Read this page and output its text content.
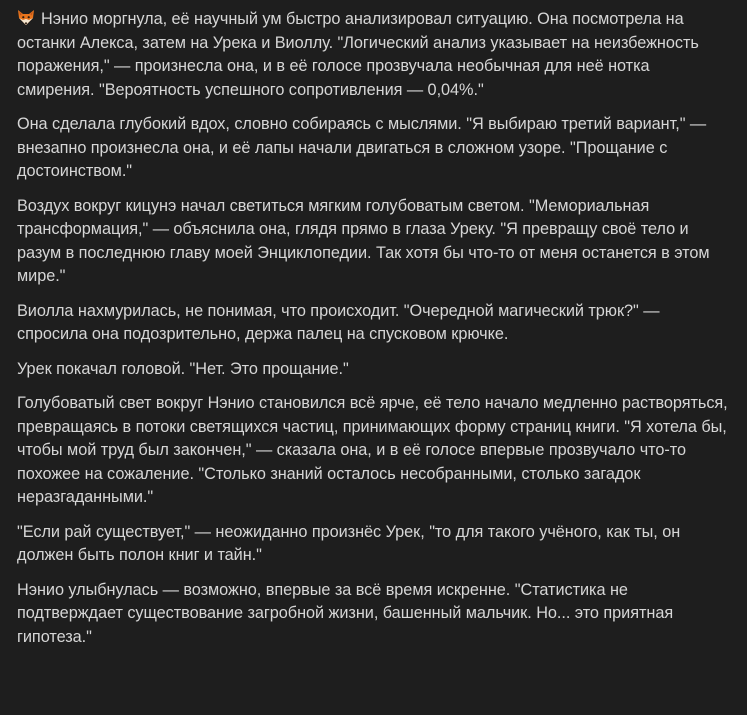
Нэнио моргнула, её научный ум быстро анализировал ситуацию. Она посмотрела на останки Алекса, затем на Урека и Виоллу. "Логический анализ указывает на неизбежность поражения," — произнесла она, и в её голосе прозвучала необычная для неё нотка смирения. "Вероятность успешного сопротивления — 0,04%."

Она сделала глубокий вдох, словно собираясь с мыслями. "Я выбираю третий вариант," — внезапно произнесла она, и её лапы начали двигаться в сложном узоре. "Прощание с достоинством."

Воздух вокруг кицунэ начал светиться мягким голубоватым светом. "Мемориальная трансформация," — объяснила она, глядя прямо в глаза Уреку. "Я превращу своё тело и разум в последнюю главу моей Энциклопедии. Так хотя бы что-то от меня останется в этом мире."

Виолла нахмурилась, не понимая, что происходит. "Очередной магический трюк?" — спросила она подозрительно, держа палец на спусковом крючке.

Урек покачал головой. "Нет. Это прощание."

Голубоватый свет вокруг Нэнио становился всё ярче, её тело начало медленно растворяться, превращаясь в потоки светящихся частиц, принимающих форму страниц книги. "Я хотела бы, чтобы мой труд был закончен," — сказала она, и в её голосе впервые прозвучало что-то похожее на сожаление. "Столько знаний осталось несобранными, столько загадок неразгаданными."

"Если рай существует," — неожиданно произнёс Урек, "то для такого учёного, как ты, он должен быть полон книг и тайн."

Нэнио улыбнулась — возможно, впервые за всё время искренне. "Статистика не подтверждает существование загробной жизни, башенный мальчик. Но... это приятная гипотеза."
